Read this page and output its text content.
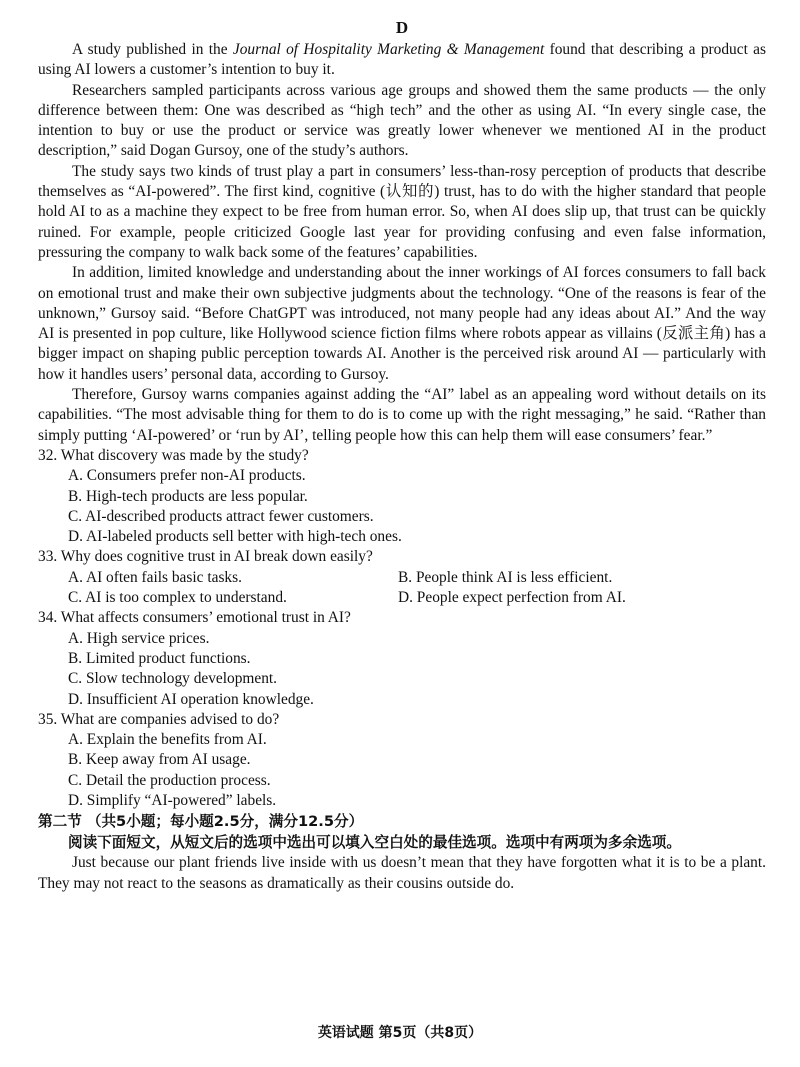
D

A study published in the Journal of Hospitality Marketing & Management found that describing a product as using AI lowers a customer’s intention to buy it.

Researchers sampled participants across various age groups and showed them the same products — the only difference between them: One was described as “high tech” and the other as using AI. “In every single case, the intention to buy or use the product or service was greatly lower whenever we mentioned AI in the product description,” said Dogan Gursoy, one of the study’s authors.

The study says two kinds of trust play a part in consumers’ less-than-rosy perception of products that describe themselves as “AI-powered”. The first kind, cognitive (认知的) trust, has to do with the higher standard that people hold AI to as a machine they expect to be free from human error. So, when AI does slip up, that trust can be quickly ruined. For example, people criticized Google last year for providing confusing and even false information, pressuring the company to walk back some of the features’ capabilities.

In addition, limited knowledge and understanding about the inner workings of AI forces consumers to fall back on emotional trust and make their own subjective judgments about the technology. “One of the reasons is fear of the unknown,” Gursoy said. “Before ChatGPT was introduced, not many people had any ideas about AI.” And the way AI is presented in pop culture, like Hollywood science fiction films where robots appear as villains (反派主角) has a bigger impact on shaping public perception towards AI. Another is the perceived risk around AI — particularly with how it handles users’ personal data, according to Gursoy.

Therefore, Gursoy warns companies against adding the “AI” label as an appealing word without details on its capabilities. “The most advisable thing for them to do is to come up with the right messaging,” he said. “Rather than simply putting ‘AI-powered’ or ‘run by AI’, telling people how this can help them will ease consumers’ fear.”

32. What discovery was made by the study?

A. Consumers prefer non-AI products.

B. High-tech products are less popular.

C. AI-described products attract fewer customers.

D. AI-labeled products sell better with high-tech ones.

33. Why does cognitive trust in AI break down easily?

A. AI often fails basic tasks.	B. People think AI is less efficient.
C. AI is too complex to understand.	D. People expect perfection from AI.

34. What affects consumers’ emotional trust in AI?

A. High service prices.

B. Limited product functions.

C. Slow technology development.

D. Insufficient AI operation knowledge.

35. What are companies advised to do?

A. Explain the benefits from AI.

B. Keep away from AI usage.

C. Detail the production process.

D. Simplify “AI-powered” labels.

第二节 （共5小题；每小题2.5分，满分12.5分）

阅读下面短文，从短文后的选项中选出可以填入空白处的最佳选项。选项中有两项为多余选项。

Just because our plant friends live inside with us doesn’t mean that they have forgotten what it is to be a plant. They may not react to the seasons as dramatically as their cousins outside do.

英语试题 第5页（共8页）
